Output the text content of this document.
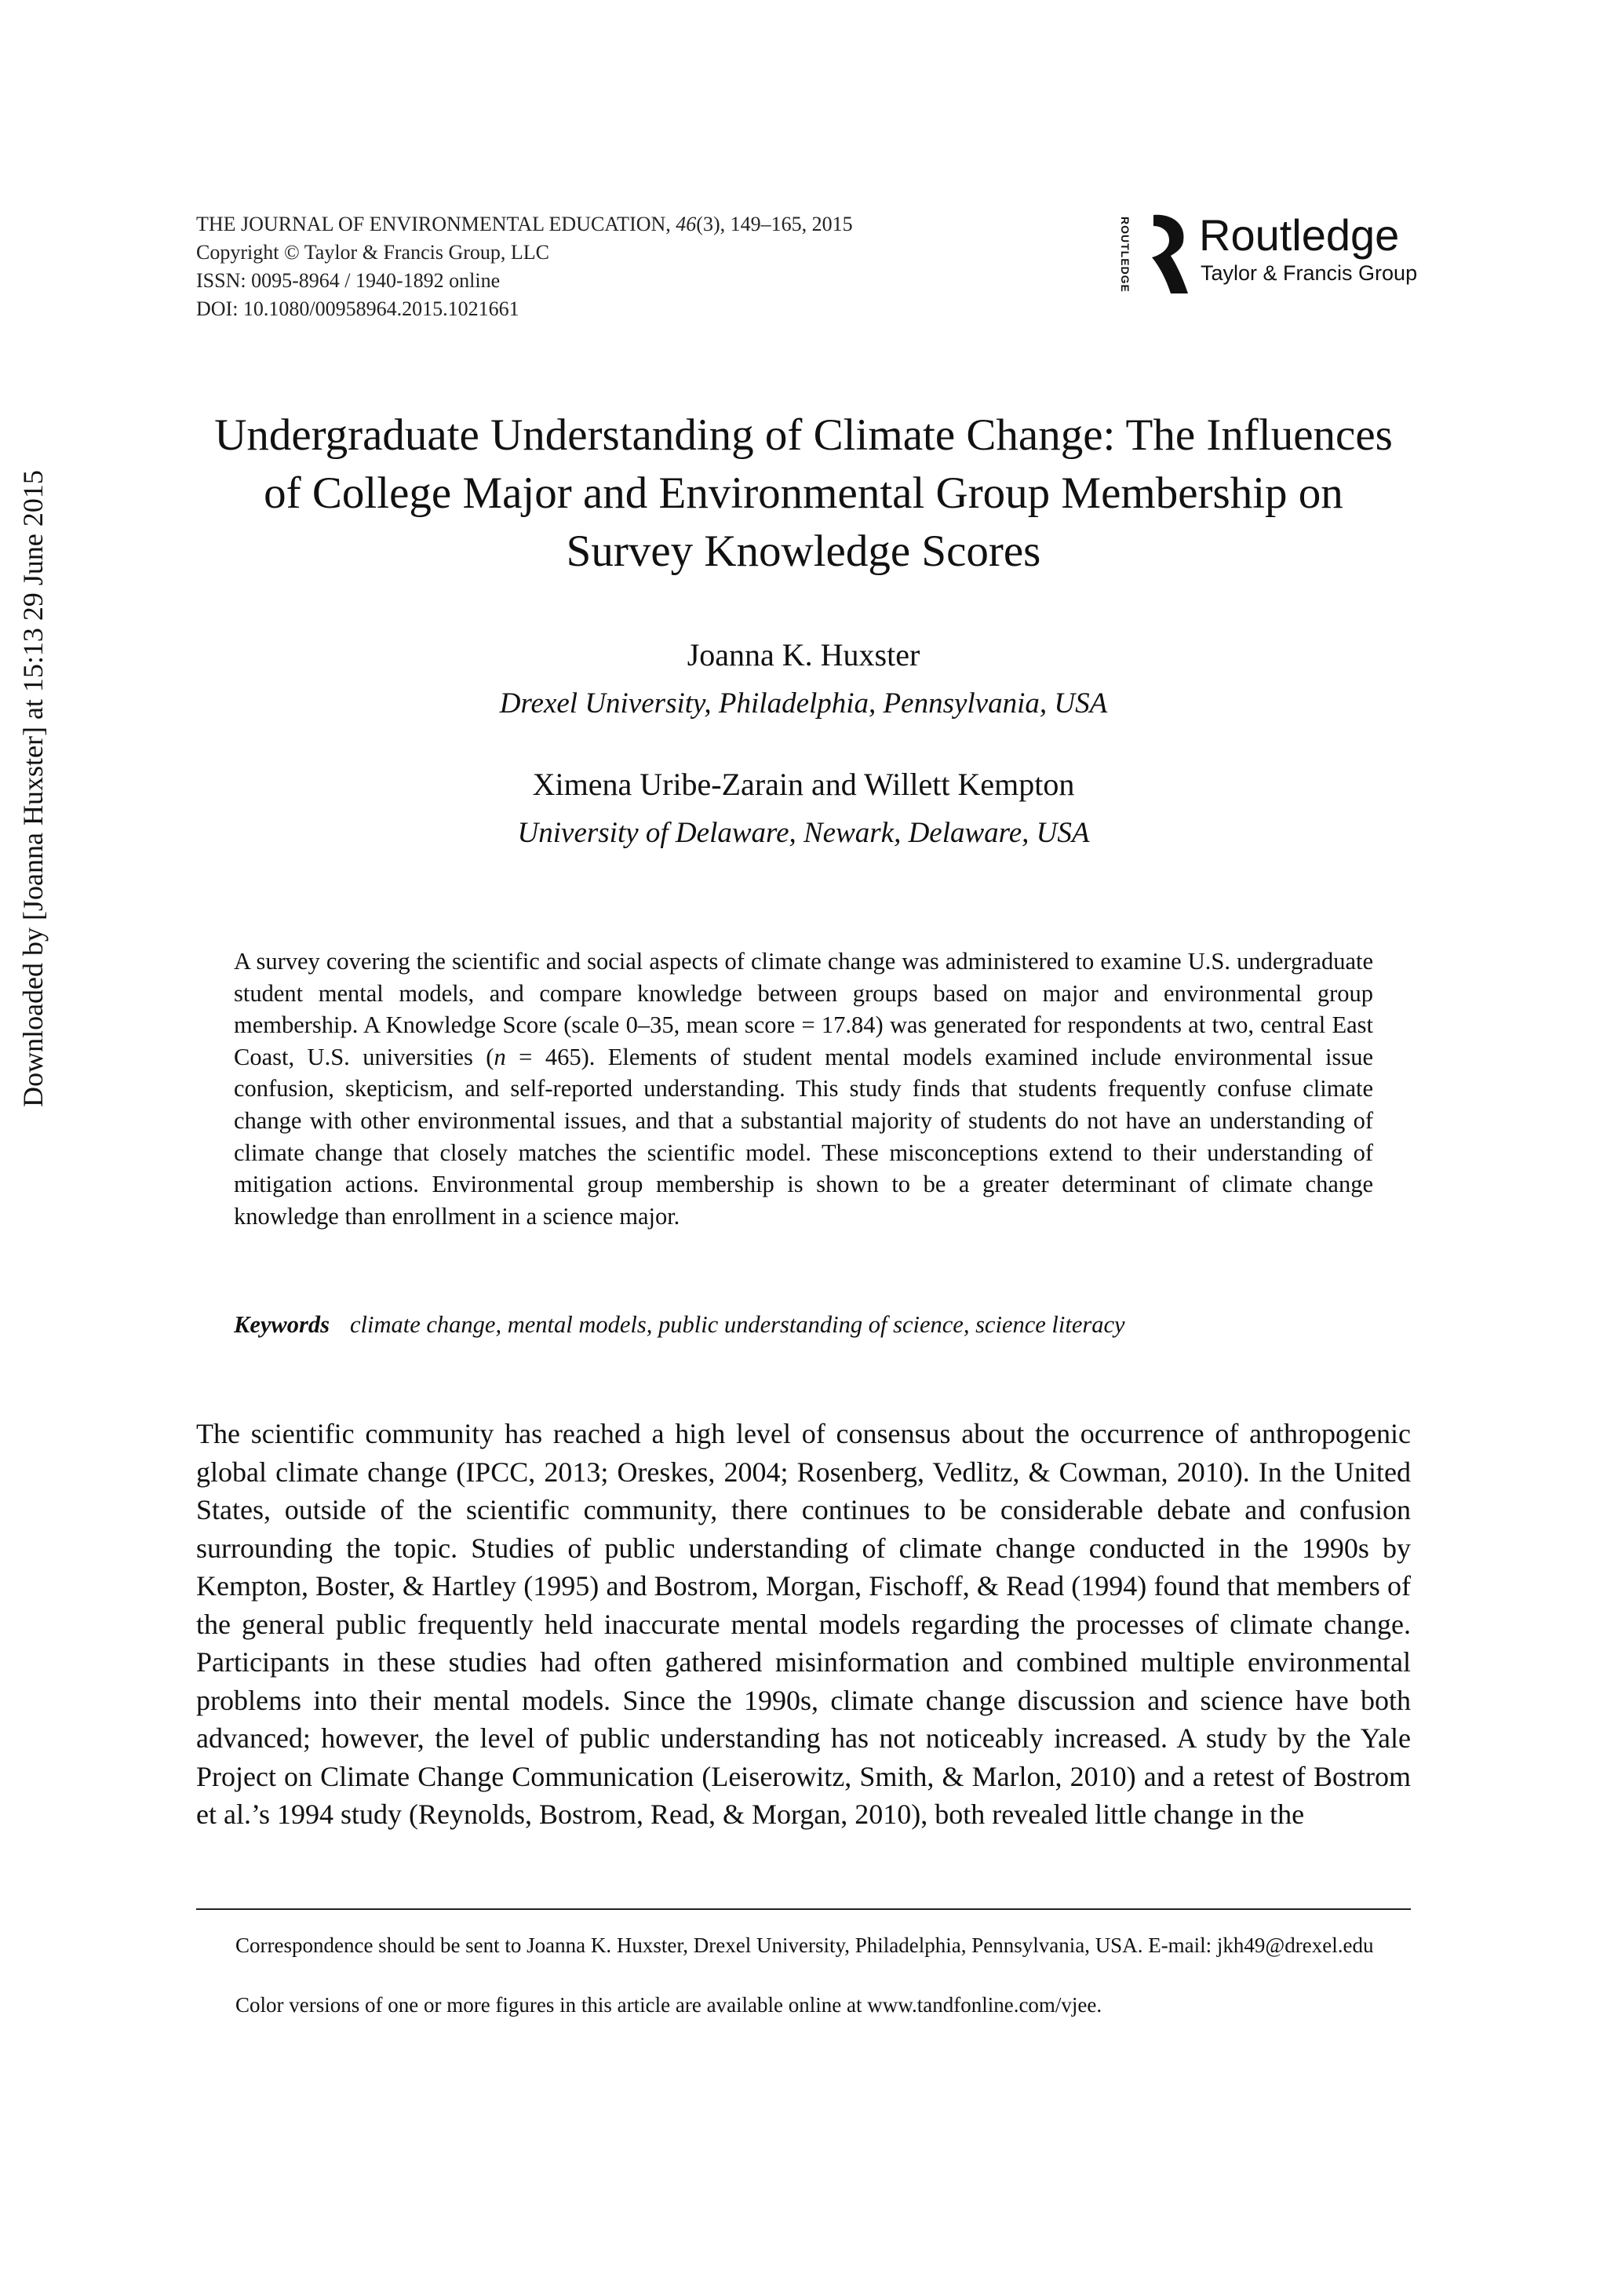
THE JOURNAL OF ENVIRONMENTAL EDUCATION, 46(3), 149–165, 2015
Copyright © Taylor & Francis Group, LLC
ISSN: 0095-8964 / 1940-1892 online
DOI: 10.1080/00958964.2015.1021661
ROUTLEDGE Routledge
Taylor & Francis Group
Downloaded by [Joanna Huxster] at 15:13 29 June 2015
Undergraduate Understanding of Climate Change: The Influences of College Major and Environmental Group Membership on Survey Knowledge Scores
Joanna K. Huxster
Drexel University, Philadelphia, Pennsylvania, USA
Ximena Uribe-Zarain and Willett Kempton
University of Delaware, Newark, Delaware, USA
A survey covering the scientific and social aspects of climate change was administered to examine U.S. undergraduate student mental models, and compare knowledge between groups based on major and environmental group membership. A Knowledge Score (scale 0–35, mean score = 17.84) was generated for respondents at two, central East Coast, U.S. universities (n = 465). Elements of student mental models examined include environmental issue confusion, skepticism, and self-reported understanding. This study finds that students frequently confuse climate change with other environmental issues, and that a substantial majority of students do not have an understanding of climate change that closely matches the scientific model. These misconceptions extend to their understanding of mitigation actions. Environmental group membership is shown to be a greater determinant of climate change knowledge than enrollment in a science major.
Keywords climate change, mental models, public understanding of science, science literacy
The scientific community has reached a high level of consensus about the occurrence of anthropogenic global climate change (IPCC, 2013; Oreskes, 2004; Rosenberg, Vedlitz, & Cowman, 2010). In the United States, outside of the scientific community, there continues to be considerable debate and confusion surrounding the topic. Studies of public understanding of climate change conducted in the 1990s by Kempton, Boster, & Hartley (1995) and Bostrom, Morgan, Fischoff, & Read (1994) found that members of the general public frequently held inaccurate mental models regarding the processes of climate change. Participants in these studies had often gathered misinformation and combined multiple environmental problems into their mental models. Since the 1990s, climate change discussion and science have both advanced; however, the level of public understanding has not noticeably increased. A study by the Yale Project on Climate Change Communication (Leiserowitz, Smith, & Marlon, 2010) and a retest of Bostrom et al.’s 1994 study (Reynolds, Bostrom, Read, & Morgan, 2010), both revealed little change in the
Correspondence should be sent to Joanna K. Huxster, Drexel University, Philadelphia, Pennsylvania, USA. E-mail: jkh49@drexel.edu
Color versions of one or more figures in this article are available online at www.tandfonline.com/vjee.
